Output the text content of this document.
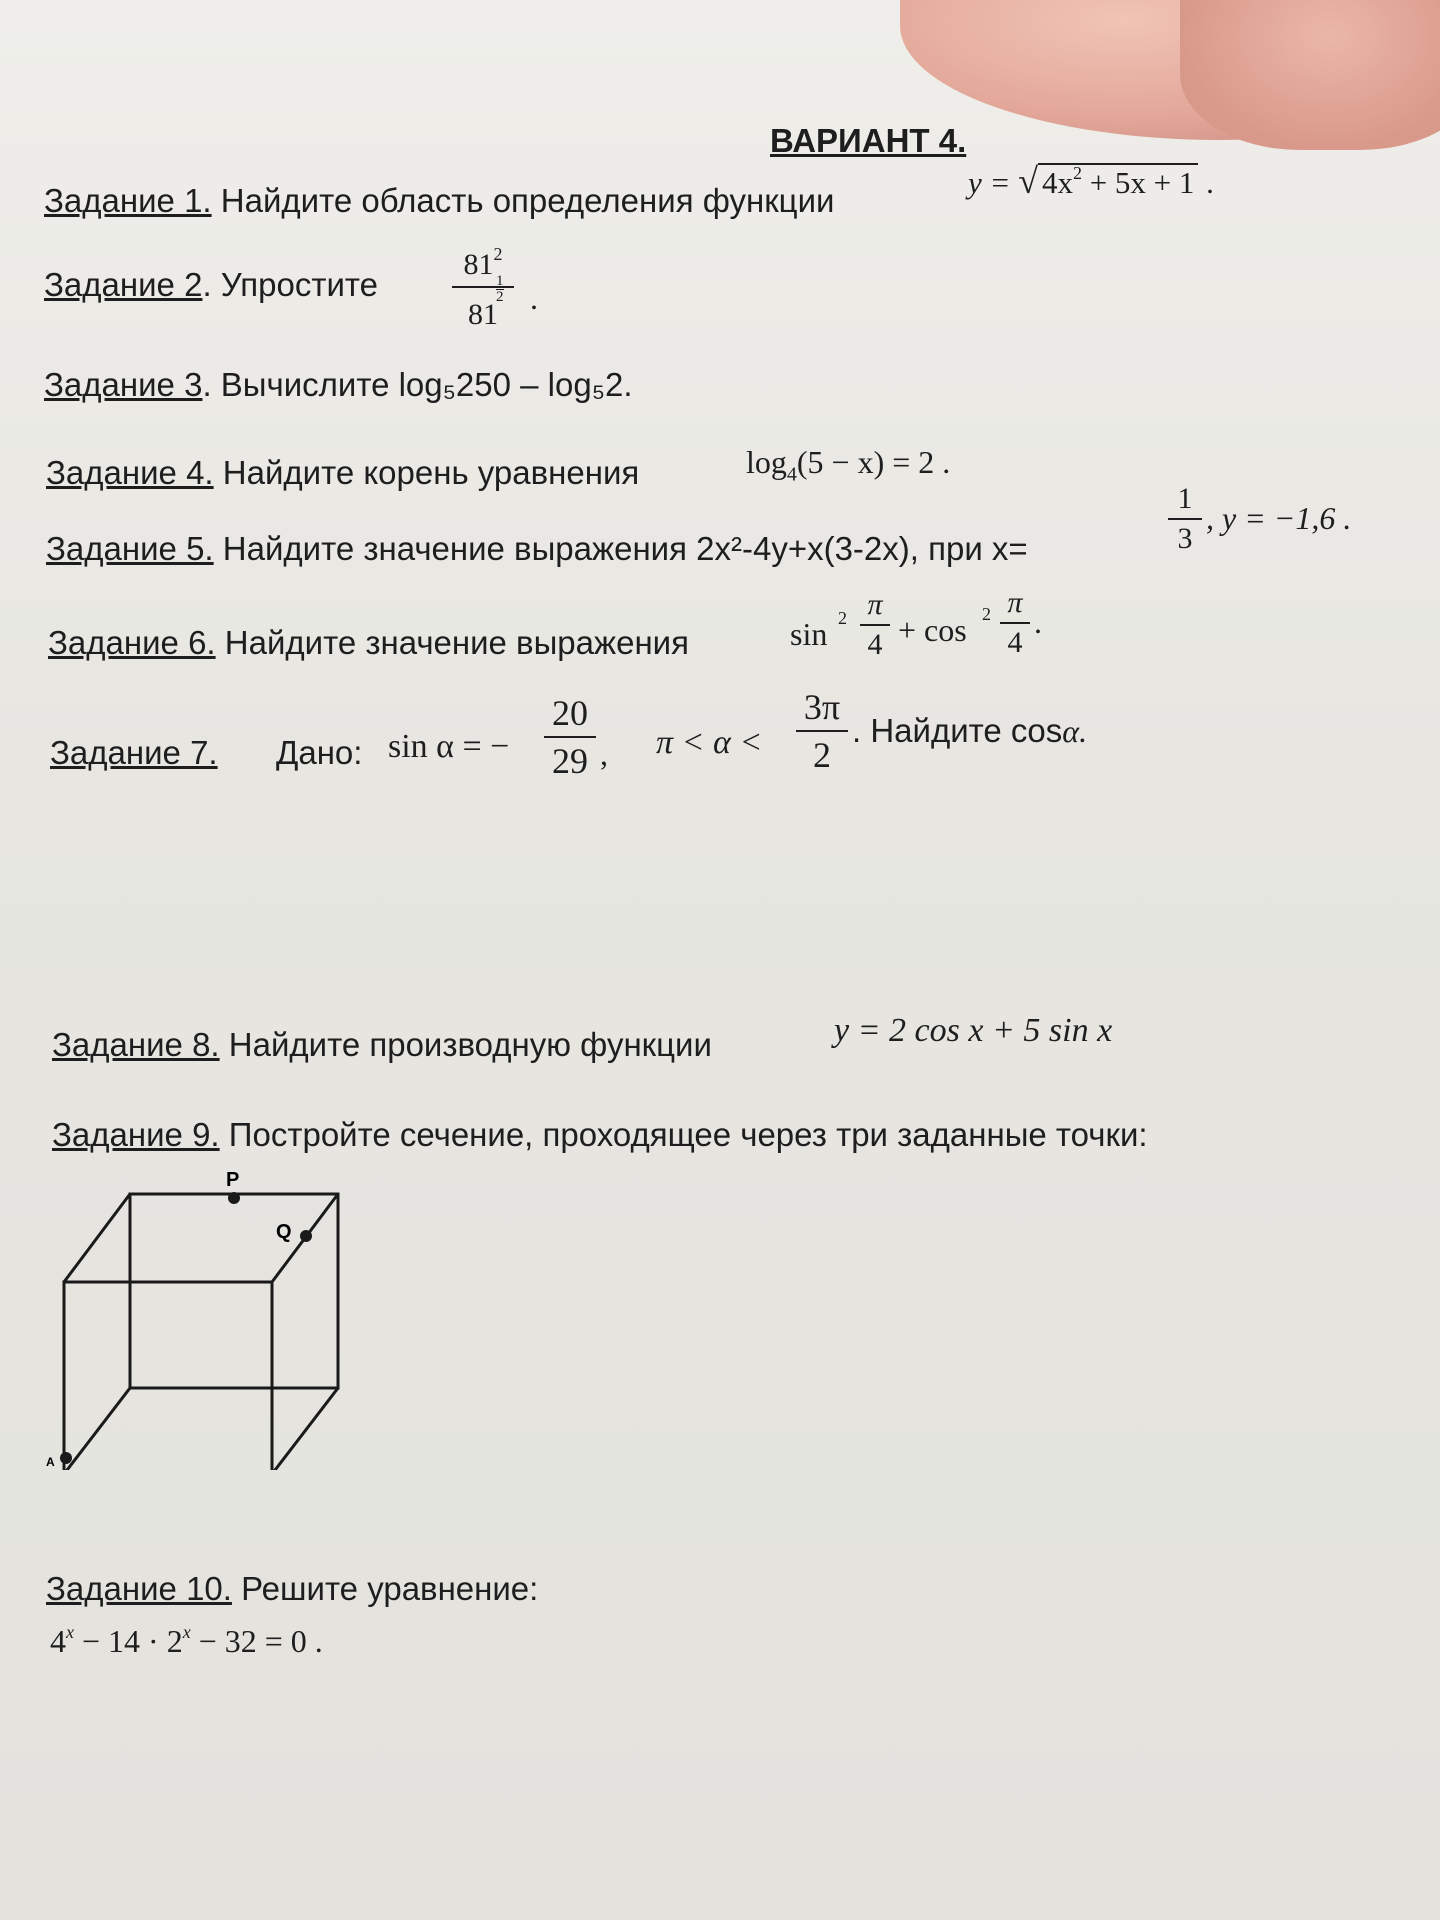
ВАРИАНТ 4.
Задание 1. Найдите область определения функции	y = √ $4x^2 + 5x + 1$ .
Задание 2. Упростите
$81^2$
81
$\frac{1}{2}$ .
Задание 3. Вычислите log₅250 – log₅2.
Задание 4. Найдите корень уравнения	$\log_4(5 - x) = 2$ .
Задание 5. Найдите значение выражения 2x²-4y+x(3-2x), при x=
1
3
, y = −1,6 .
Задание 6. Найдите значение выражения	sin 2 π
4 + cos 2 π
4
.
Задание 7. Дано: sin α = −
20
29 , π < α <
3π
2
. Найдите cosα.
Задание 8. Найдите производную функции	y = 2 cos x + 5 sin x
Задание 9. Постройте сечение, проходящее через три заданные точки:
P
Q
A
Задание 10. Решите уравнение:
$4^x - 14 \cdot 2^x - 32 = 0$ .
